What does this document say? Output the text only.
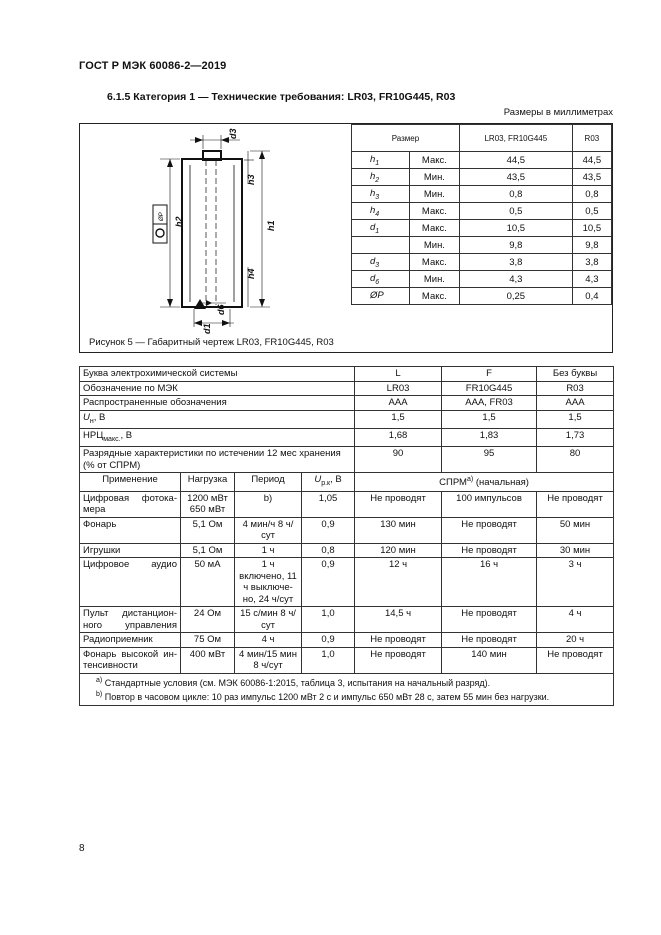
ГОСТ Р МЭК 60086-2—2019
6.1.5 Категория 1 — Технические требования: LR03, FR10G445, R03
Размеры в миллиметрах
ØP
d3
h1
h2
h3
h4
d6
d1
Рисунок 5 — Габаритный чертеж LR03, FR10G445, R03
Размер		LR03, FR10G445	R03
$h_1$	Макс.	44,5	44,5
$h_2$	Мин.	43,5	43,5
$h_3$	Мин.	0,8	0,8
$h_4$	Макс.	0,5	0,5
$d_1$	Макс.	10,5	10,5
	Мин.	9,8	9,8
$d_3$	Макс.	3,8	3,8
$d_6$	Мин.	4,3	4,3
ØP	Макс.	0,25	0,4
Буква электрохимической системы				L	F	Без буквы
Обозначение по МЭК				LR03	FR10G445	R03
Распространенные обозначения				AAA	AAA, FR03	AAA
$U_н$, В				1,5	1,5	1,5
$НРЦ_{макс.}$, В				1,68	1,83	1,73
Разрядные характеристики по истечении 12 мес хранения (% от СПРМ)				90	95	80
Применение	Нагрузка	Период	$U_{р.к}$, В	СПРМ$^{a)}$ (начальная)		
Цифровая фотока-мера	1200 мВт 650 мВт	b)	1,05	Не проводят	100 импульсов	Не проводят
Фонарь	5,1 Ом	4 мин/ч 8 ч/сут	0,9	130 мин	Не проводят	50 мин
Игрушки	5,1 Ом	1 ч	0,8	120 мин	Не проводят	30 мин
Цифровое аудио	50 мА	1 ч включено, 11 ч выключе-но, 24 ч/сут	0,9	12 ч	16 ч	3 ч
Пульт дистанцион-ного управления	24 Ом	15 с/мин 8 ч/сут	1,0	14,5 ч	Не проводят	4 ч
Радиоприемник	75 Ом	4 ч	0,9	Не проводят	Не проводят	20 ч
Фонарь высокой ин-тенсивности	400 мВт	4 мин/15 мин 8 ч/сут	1,0	Не проводят	140 мин	Не проводят

$^{a)}$ Стандартные условия (см. МЭК 60086-1:2015, таблица 3, испытания на начальный разряд).
$^{b)}$ Повтор в часовом цикле: 10 раз импульс 1200 мВт 2 с и импульс 650 мВт 28 с, затем 55 мин без нагрузки.						
8
